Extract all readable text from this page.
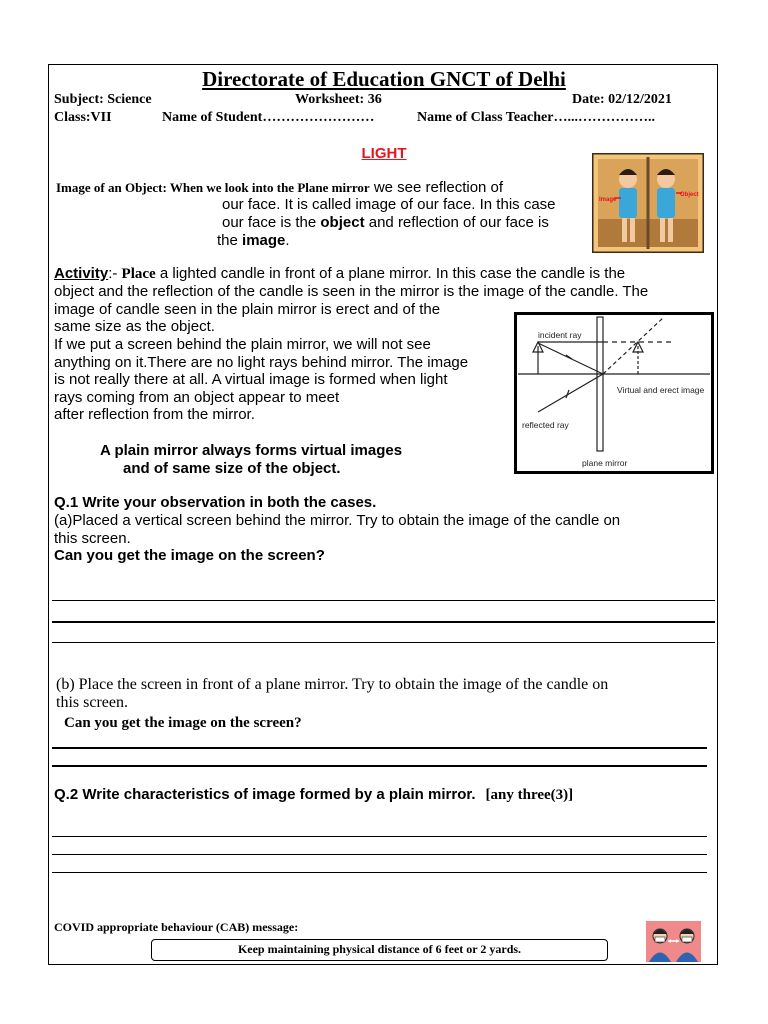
Directorate of Education GNCT of Delhi
Subject: Science	Worksheet: 36	Date: 02/12/2021
Class:VII	Name of Student……………………	Name of Class Teacher…...……………..
LIGHT
Image of an Object: When we look into the Plane mirror we see reflection of
our face. It is called image of our face. In this case
our face is the object and reflection of our face is
the image.
Image
Object
Activity:- Place a lighted candle in front of a plane mirror. In this case the candle is the
object and the reflection of the candle is seen in the mirror is the image of the candle. The
image of candle seen in the plain mirror is erect and of the
same size as the object.
If we put a screen behind the plain mirror, we will not see
anything on it.There are no light rays behind mirror. The image
is not really there at all. A virtual image is formed when light
rays coming from an object appear to meet
after reflection from the mirror.
incident ray
Virtual and erect image
reflected ray
plane mirror
A plain mirror always forms virtual images
and of same size of the object.
Q.1 Write your observation in both the cases.
(a)Placed a vertical screen behind the mirror. Try to obtain the image of the candle on
this screen.
Can you get the image on the screen?
(b) Place the screen in front of a plane mirror. Try to obtain the image of the candle on
this screen.
Can you get the image on the screen?
Q.2 Write characteristics of image formed by a plain mirror. [any three(3)]
COVID appropriate behaviour (CAB) message:
Keep maintaining physical distance of 6 feet or 2 yards.
